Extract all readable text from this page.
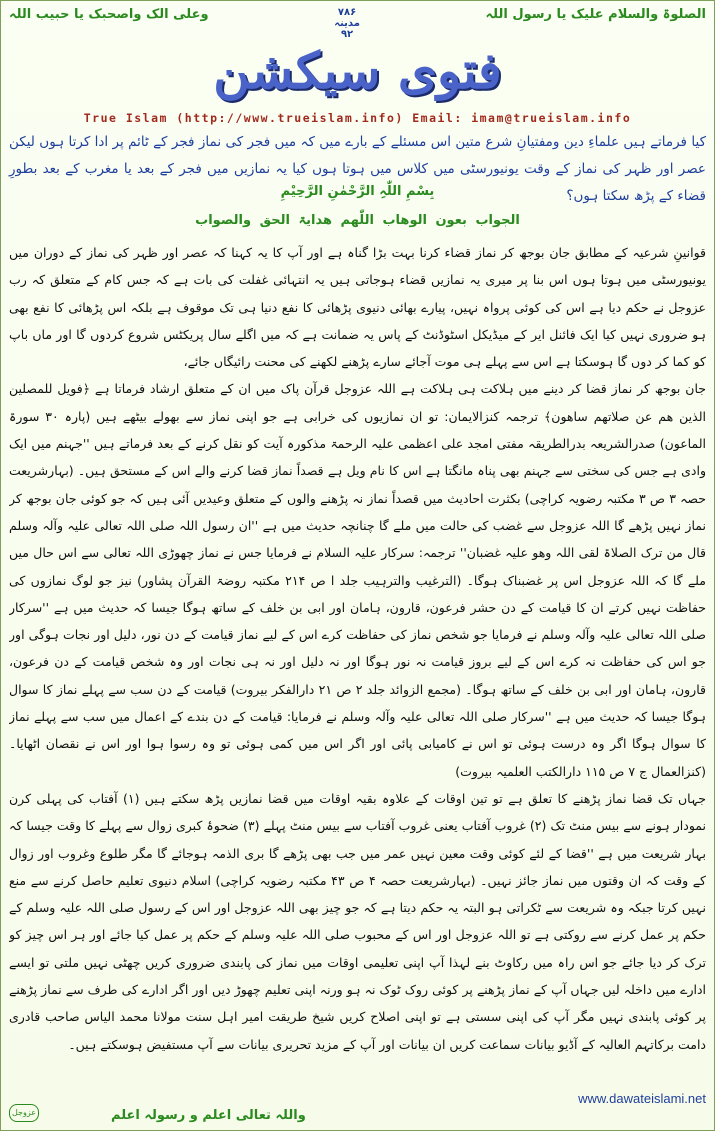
وعلی الک واصحبک یا حبیب اللہ	۷۸۶
مدینہ
۹۲
الصلوۃ والسلام علیک یا رسول اللہ
فتوی سیکشن
True Islam (http://www.trueislam.info) Email: imam@trueislam.info
کیا فرماتے ہیں علماءِ دین ومفتیانِ شرع متین اس مسئلے کے بارے میں کہ میں فجر کی نماز فجر کے ٹائم پر ادا کرتا ہوں لیکن عصر اور ظہر کی نماز کے وقت یونیورسٹی میں کلاس میں ہوتا ہوں کیا یہ نمازیں میں فجر کے بعد یا مغرب کے بعد بطورِ قضاء کے پڑھ سکتا ہوں؟
بِسْمِ اللّٰہِ الرَّحْمٰنِ الرَّحِیْمِ
الجواب بعون الوھاب اللّٰھم ھدایۃ الحق والصواب

قوانینِ شرعیہ کے مطابق جان بوجھ کر نماز قضاء کرنا بہت بڑا گناہ ہے اور آپ کا یہ کہنا کہ عصر اور ظہر کی نماز کے دوران میں یونیورسٹی میں ہوتا ہوں اس بنا پر میری یہ نمازیں قضاء ہوجاتی ہیں یہ انتہائی غفلت کی بات ہے کہ جس کام کے متعلق کہ رب عزوجل نے حکم دیا ہے اس کی کوئی پرواہ نہیں، پیارے بھائی دنیوی پڑھائی کا نفع دنیا ہی تک موقوف ہے بلکہ اس پڑھائی کا نفع بھی ہو ضروری نہیں کیا ایک فائنل ایر کے میڈیکل اسٹوڈنٹ کے پاس یہ ضمانت ہے کہ میں اگلے سال پریکٹس شروع کردوں گا اور ماں باپ کو کما کر دوں گا ہوسکتا ہے اس سے پہلے ہی موت آجائے سارے پڑھنے لکھنے کی محنت رائیگاں جائے،

جان بوجھ کر نماز قضا کر دینے میں ہلاکت ہی ہلاکت ہے اللہ عزوجل قرآن پاک میں ان کے متعلق ارشاد فرماتا ہے ﴿فویل للمصلین الذین ھم عن صلاتھم ساھون﴾ ترجمہ کنزالایمان: تو ان نمازیوں کی خرابی ہے جو اپنی نماز سے بھولے بیٹھے ہیں (پارہ ۳۰ سورۃ الماعون) صدرالشریعہ بدرالطریقہ مفتی امجد علی اعظمی علیہ الرحمۃ مذکورہ آیت کو نقل کرنے کے بعد فرماتے ہیں ''جہنم میں ایک وادی ہے جس کی سختی سے جہنم بھی پناہ مانگتا ہے اس کا نام ویل ہے قصداً نماز قضا کرنے والے اس کے مستحق ہیں۔ (بہارشریعت حصہ ۳ ص ۳ مکتبہ رضویہ کراچی) بکثرت احادیث میں قصداً نماز نہ پڑھنے والوں کے متعلق وعیدیں آئی ہیں کہ جو کوئی جان بوجھ کر نماز نہیں پڑھے گا اللہ عزوجل سے غضب کی حالت میں ملے گا چنانچہ حدیث میں ہے ''ان رسول اللہ صلی اللہ تعالی علیہ وآلہ وسلم قال من ترک الصلاۃ لقی اللہ وھو علیہ غضبان'' ترجمہ: سرکار علیہ السلام نے فرمایا جس نے نماز چھوڑی اللہ تعالی سے اس حال میں ملے گا کہ اللہ عزوجل اس پر غضبناک ہوگا۔ (الترغیب والترہیب جلد ا ص ۲۱۴ مکتبہ روضۃ القرآن پشاور) نیز جو لوگ نمازوں کی حفاظت نہیں کرتے ان کا قیامت کے دن حشر فرعون، قارون، ہامان اور ابی بن خلف کے ساتھ ہوگا جیسا کہ حدیث میں ہے ''سرکار صلی اللہ تعالی علیہ وآلہ وسلم نے فرمایا جو شخص نماز کی حفاظت کرے اس کے لیے نماز قیامت کے دن نور، دلیل اور نجات ہوگی اور جو اس کی حفاظت نہ کرے اس کے لیے بروز قیامت نہ نور ہوگا اور نہ دلیل اور نہ ہی نجات اور وہ شخص قیامت کے دن فرعون، قارون، ہامان اور ابی بن خلف کے ساتھ ہوگا۔ (مجمع الزوائد جلد ۲ ص ۲۱ دارالفکر بیروت) قیامت کے دن سب سے پہلے نماز کا سوال ہوگا جیسا کہ حدیث میں ہے ''سرکار صلی اللہ تعالی علیہ وآلہ وسلم نے فرمایا: قیامت کے دن بندے کے اعمال میں سب سے پہلے نماز کا سوال ہوگا اگر وہ درست ہوئی تو اس نے کامیابی پائی اور اگر اس میں کمی ہوئی تو وہ رسوا ہوا اور اس نے نقصان اٹھایا۔ (کنزالعمال ج ۷ ص ۱۱۵ دارالکتب العلمیہ بیروت)

جہاں تک قضا نماز پڑھنے کا تعلق ہے تو تین اوقات کے علاوہ بقیہ اوقات میں قضا نمازیں پڑھ سکتے ہیں (۱) آفتاب کی پہلی کرن نمودار ہونے سے بیس منٹ تک (۲) غروب آفتاب یعنی غروب آفتاب سے بیس منٹ پہلے (۳) ضحوۂ کبری زوال سے پہلے کا وقت جیسا کہ بہار شریعت میں ہے ''قضا کے لئے کوئی وقت معین نہیں عمر میں جب بھی پڑھے گا بری الذمہ ہوجائے گا مگر طلوع وغروب اور زوال کے وقت کہ ان وقتوں میں نماز جائز نہیں۔ (بہارشریعت حصہ ۴ ص ۴۳ مکتبہ رضویہ کراچی) اسلام دنیوی تعلیم حاصل کرنے سے منع نہیں کرتا جبکہ وہ شریعت سے ٹکراتی ہو البتہ یہ حکم دیتا ہے کہ جو چیز بھی اللہ عزوجل اور اس کے رسول صلی اللہ علیہ وسلم کے حکم پر عمل کرنے سے روکتی ہے تو اللہ عزوجل اور اس کے محبوب صلی اللہ علیہ وسلم کے حکم پر عمل کیا جائے اور ہر اس چیز کو ترک کر دیا جائے جو اس راہ میں رکاوٹ بنے لہذا آپ اپنی تعلیمی اوقات میں نماز کی پابندی ضروری کریں چھٹی نہیں ملتی تو ایسے ادارے میں داخلہ لیں جہاں آپ کے نماز پڑھنے پر کوئی روک ٹوک نہ ہو ورنہ اپنی تعلیم چھوڑ دیں اور اگر ادارے کی طرف سے نماز پڑھنے پر کوئی پابندی نہیں مگر آپ کی اپنی سستی ہے تو اپنی اصلاح کریں شیخ طریقت امیر اہل سنت مولانا محمد الیاس صاحب قادری دامت برکاتہم العالیہ کے آڈیو بیانات سماعت کریں ان بیانات اور آپ کے مزید تحریری بیانات سے آپ مستفیض ہوسکتے ہیں۔

www.dawateislami.net
واللہ تعالی اعلم و رسولہ اعلم
عزوجل
